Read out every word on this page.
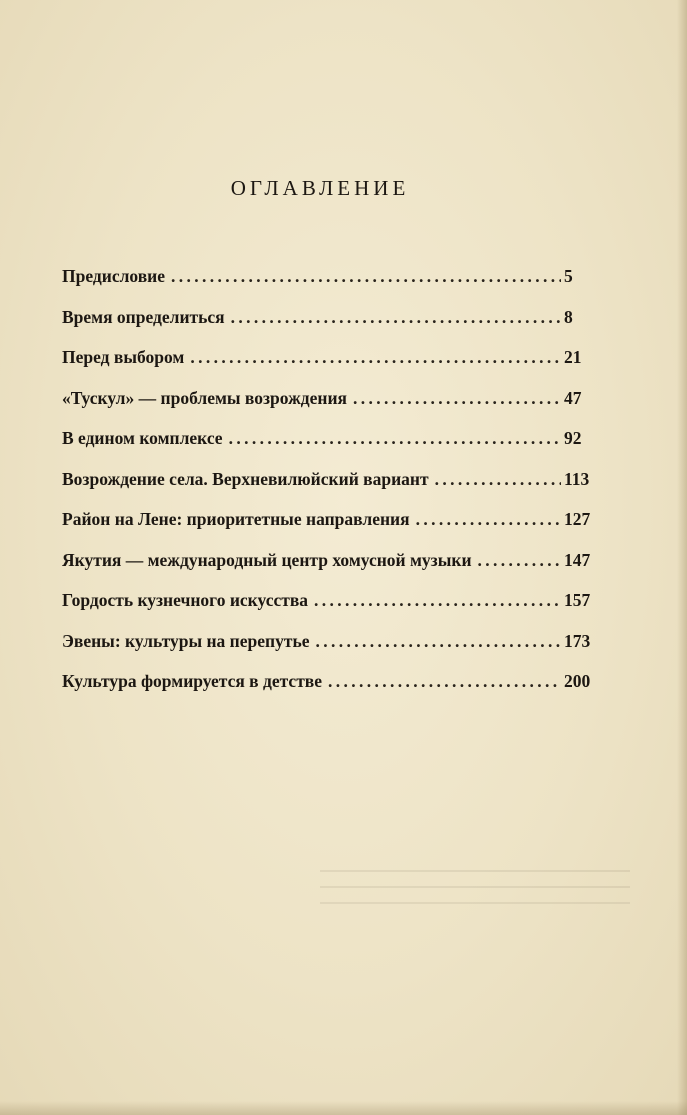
ОГЛАВЛЕНИЕ
Предисловие . . .	5
Время определиться . . .	8
Перед выбором . . .	21
«Тускул» — проблемы возрождения . . .	47
В едином комплексе . . .	92
Возрождение села. Верхневилюйский вариант . . .	113
Район на Лене: приоритетные направления . . .	127
Якутия — международный центр хомусной музыки . . .	147
Гордость кузнечного искусства . . .	157
Эвены: культуры на перепутье . . .	173
Культура формируется в детстве . . .	200
